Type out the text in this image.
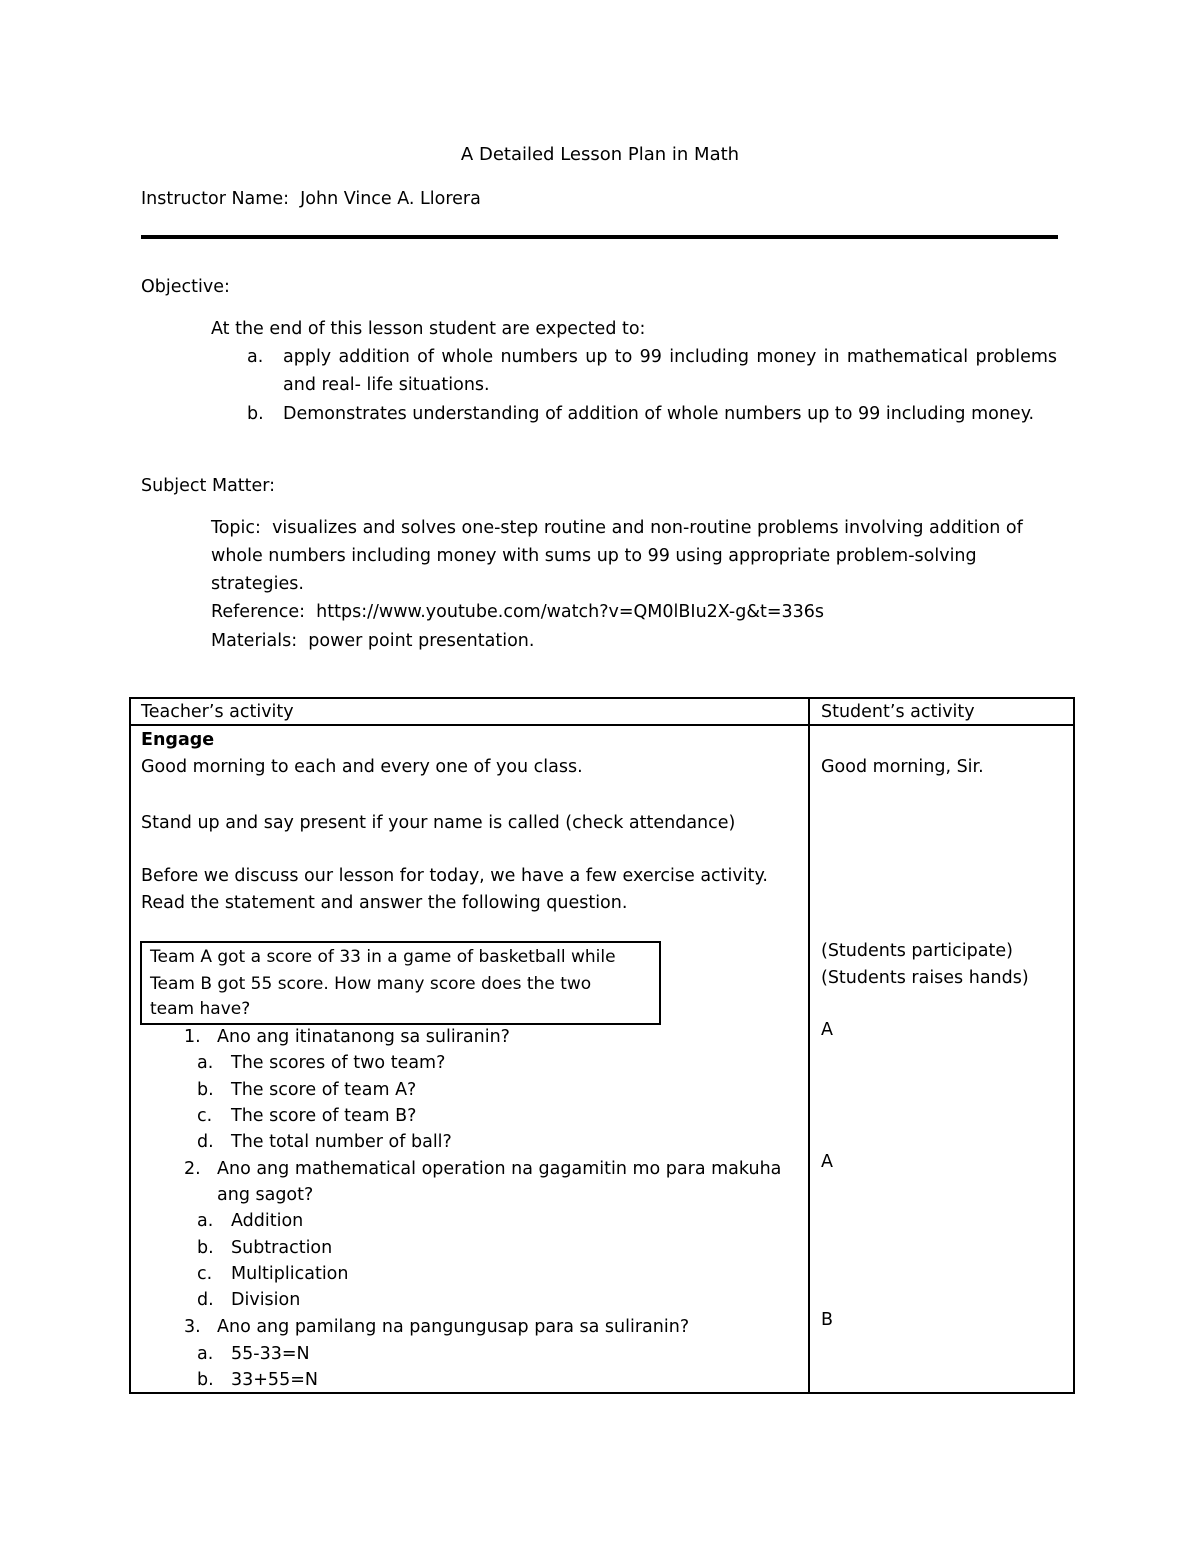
A Detailed Lesson Plan in Math
Instructor Name: John Vince A. Llorera
Objective:
At the end of this lesson student are expected to:
a. apply addition of whole numbers up to 99 including money in mathematical problems
and real- life situations.
b. Demonstrates understanding of addition of whole numbers up to 99 including money.
Subject Matter:
Topic: visualizes and solves one-step routine and non-routine problems involving addition of
whole numbers including money with sums up to 99 using appropriate problem-solving
strategies.
Reference: https://www.youtube.com/watch?v=QM0lBIu2X-g&t=336s
Materials: power point presentation.
Teacher’s activity	Student’s activity
Engage
Good morning to each and every one of you class.
Stand up and say present if your name is called (check attendance)
Before we discuss our lesson for today, we have a few exercise activity.
Read the statement and answer the following question.
Team A got a score of 33 in a game of basketball while
Team B got 55 score. How many score does the two
team have?
1. Ano ang itinatanong sa suliranin?
a. The scores of two team?
b. The score of team A?
c. The score of team B?
d. The total number of ball?
2. Ano ang mathematical operation na gagamitin mo para makuha
ang sagot?
a. Addition
b. Subtraction
c. Multiplication
d. Division
3. Ano ang pamilang na pangungusap para sa suliranin?
a. 55-33=N
b. 33+55=N
Good morning, Sir.
(Students participate)
(Students raises hands)
A
A
B
